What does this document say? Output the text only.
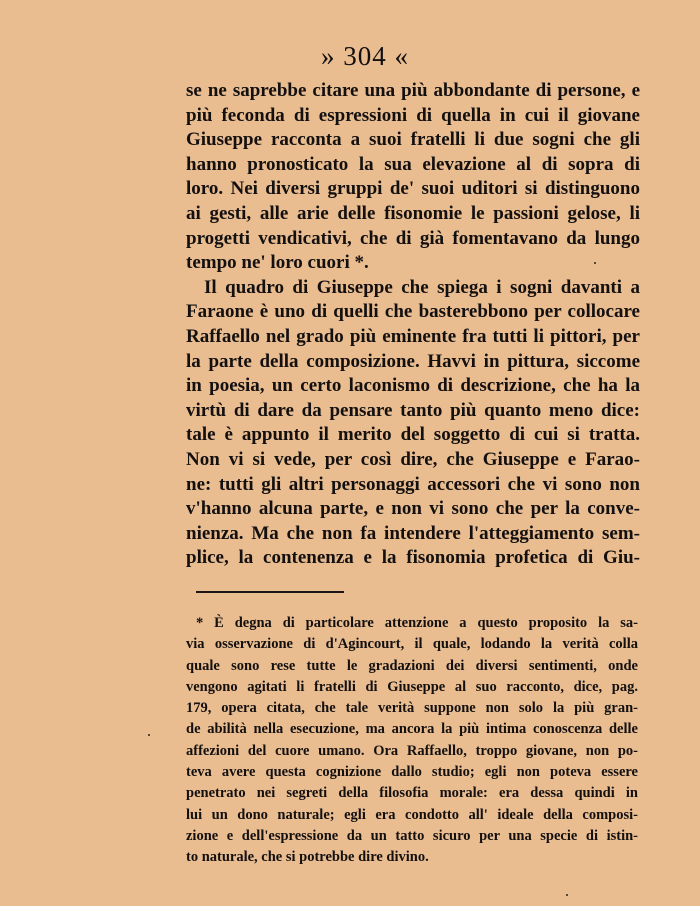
» 304 «
se ne saprebbe citare una più abbondante di persone, e
più feconda di espressioni di quella in cui il giovane
Giuseppe racconta a suoi fratelli li due sogni che gli
hanno pronosticato la sua elevazione al di sopra di
loro. Nei diversi gruppi de' suoi uditori si distinguono
ai gesti, alle arie delle fisonomie le passioni gelose, li
progetti vendicativi, che di già fomentavano da lungo
tempo ne' loro cuori *.
Il quadro di Giuseppe che spiega i sogni davanti a
Faraone è uno di quelli che basterebbono per collocare
Raffaello nel grado più eminente fra tutti li pittori, per
la parte della composizione. Havvi in pittura, siccome
in poesia, un certo laconismo di descrizione, che ha la
virtù di dare da pensare tanto più quanto meno dice:
tale è appunto il merito del soggetto di cui si tratta.
Non vi si vede, per così dire, che Giuseppe e Farao-
ne: tutti gli altri personaggi accessori che vi sono non
v'hanno alcuna parte, e non vi sono che per la conve-
nienza. Ma che non fa intendere l'atteggiamento sem-
plice, la contenenza e la fisonomia profetica di Giu-
* È degna di particolare attenzione a questo proposito la sa-
via osservazione di d'Agincourt, il quale, lodando la verità colla
quale sono rese tutte le gradazioni dei diversi sentimenti, onde
vengono agitati li fratelli di Giuseppe al suo racconto, dice, pag.
179, opera citata, che tale verità suppone non solo la più gran-
de abilità nella esecuzione, ma ancora la più intima conoscenza delle
affezioni del cuore umano. Ora Raffaello, troppo giovane, non po-
teva avere questa cognizione dallo studio; egli non poteva essere
penetrato nei segreti della filosofia morale: era dessa quindi in
lui un dono naturale; egli era condotto all' ideale della composi-
zione e dell'espressione da un tatto sicuro per una specie di istin-
to naturale, che si potrebbe dire divino.
